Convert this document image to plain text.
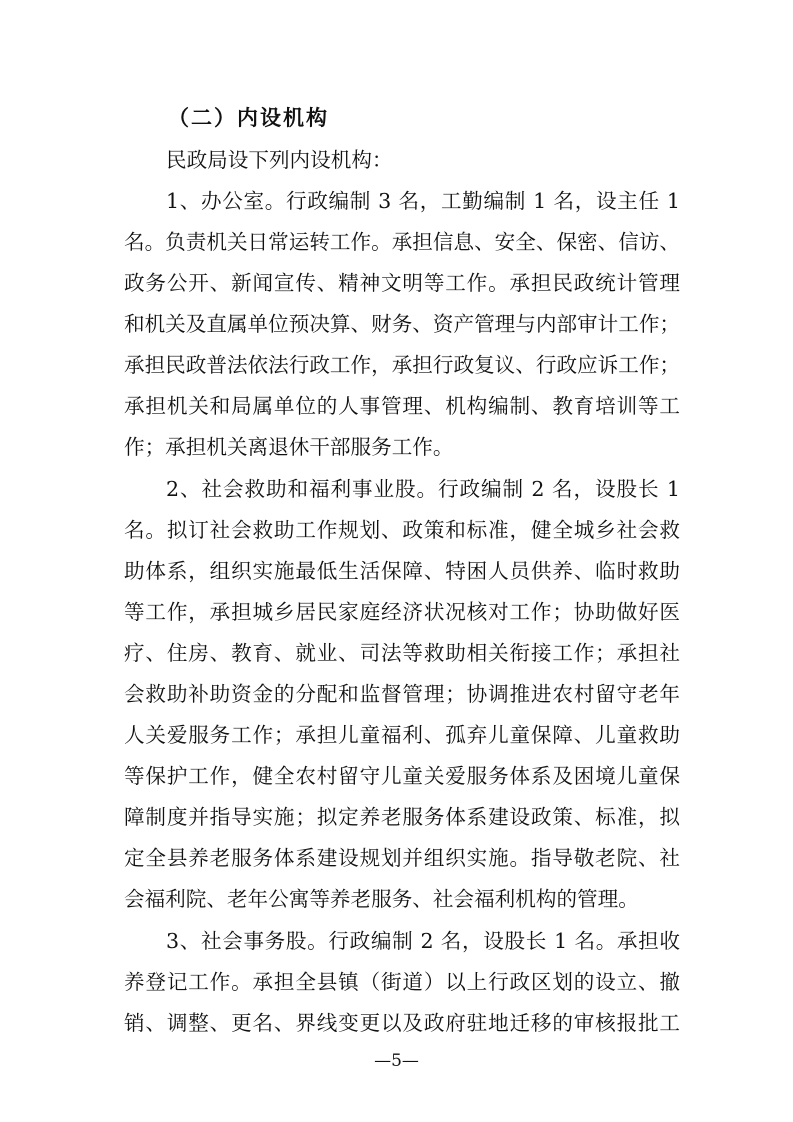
（二）内设机构
民政局设下列内设机构：
1、办公室。行政编制 3 名，工勤编制 1 名，设主任 1
名。负责机关日常运转工作。承担信息、安全、保密、信访、
政务公开、新闻宣传、精神文明等工作。承担民政统计管理
和机关及直属单位预决算、财务、资产管理与内部审计工作；
承担民政普法依法行政工作，承担行政复议、行政应诉工作；
承担机关和局属单位的人事管理、机构编制、教育培训等工
作；承担机关离退休干部服务工作。
2、社会救助和福利事业股。行政编制 2 名，设股长 1
名。拟订社会救助工作规划、政策和标准，健全城乡社会救
助体系，组织实施最低生活保障、特困人员供养、临时救助
等工作，承担城乡居民家庭经济状况核对工作；协助做好医
疗、住房、教育、就业、司法等救助相关衔接工作；承担社
会救助补助资金的分配和监督管理；协调推进农村留守老年
人关爱服务工作；承担儿童福利、孤弃儿童保障、儿童救助
等保护工作，健全农村留守儿童关爱服务体系及困境儿童保
障制度并指导实施；拟定养老服务体系建设政策、标准，拟
定全县养老服务体系建设规划并组织实施。指导敬老院、社
会福利院、老年公寓等养老服务、社会福利机构的管理。
3、社会事务股。行政编制 2 名，设股长 1 名。承担收
养登记工作。承担全县镇（街道）以上行政区划的设立、撤
销、调整、更名、界线变更以及政府驻地迁移的审核报批工
—5—
